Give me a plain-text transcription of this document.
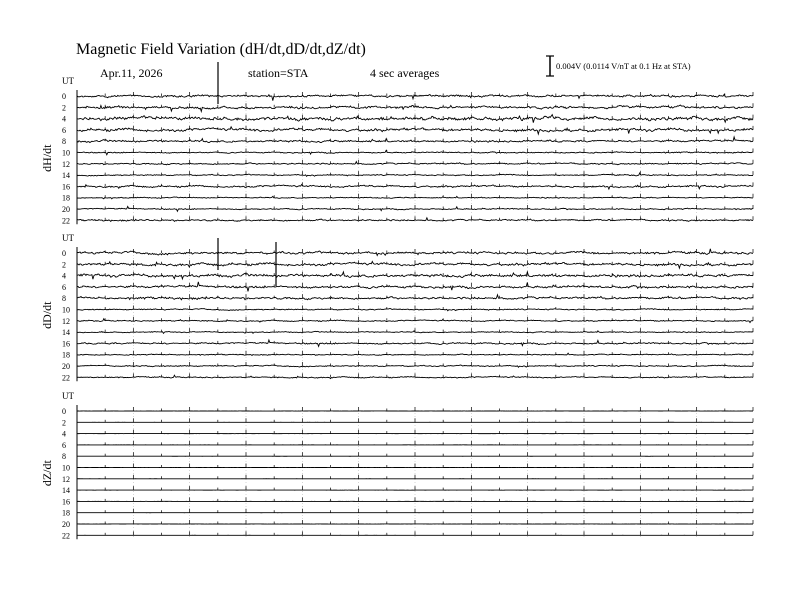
Magnetic Field Variation (dH/dt,dD/dt,dZ/dt)
Apr.11, 2026	station=STA	4 sec averages	0.004V (0.0114 V/nT at 0.1 Hz at STA)
UT
dH/dt
0
2
4
6
8
10
12
14
16
18
20
22
UT
dD/dt
0
2
4
6
8
10
12
14
16
18
20
22
UT
dZ/dt
0
2
4
6
8
10
12
14
16
18
20
22
